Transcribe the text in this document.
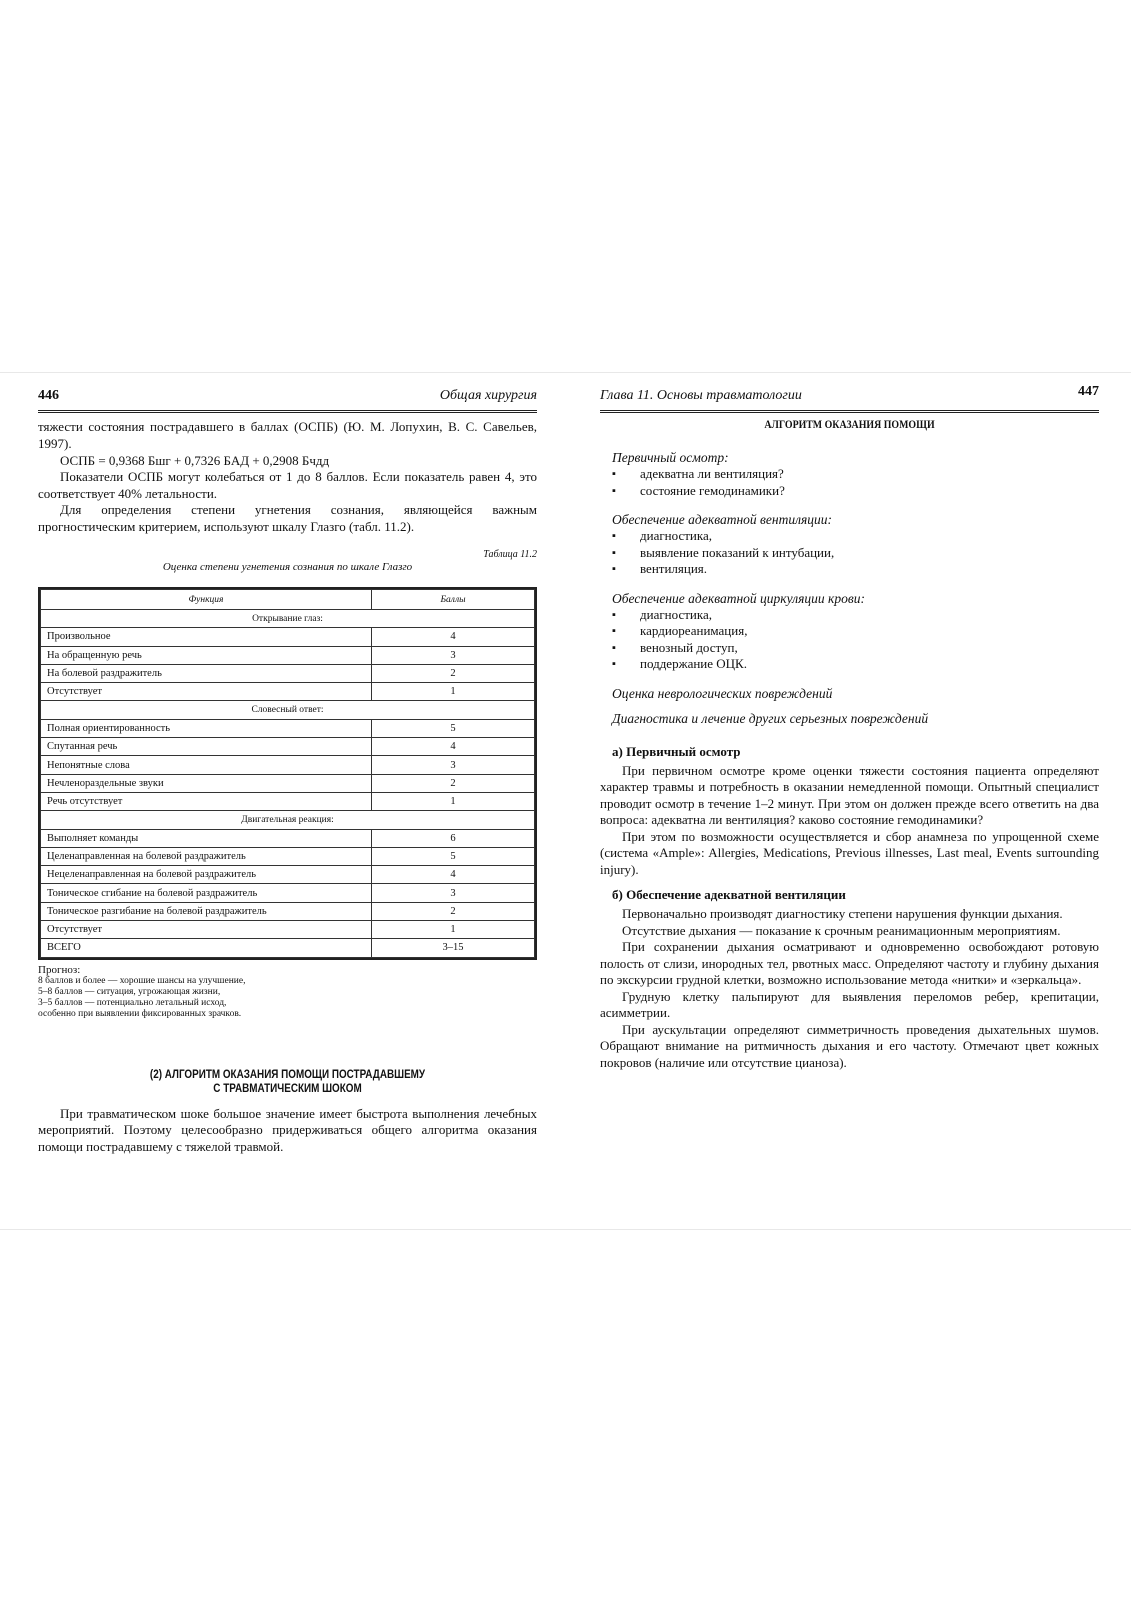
446	Общая хирургия

тяжести состояния пострадавшего в баллах (ОСПБ) (Ю. М. Лопухин, В. С. Савельев, 1997).

ОСПБ = 0,9368 Бшг + 0,7326 БАД + 0,2908 Бчдд

Показатели ОСПБ могут колебаться от 1 до 8 баллов. Если показатель равен 4, это соответствует 40% летальности.

Для определения степени угнетения сознания, являющейся важным прогностическим критерием, используют шкалу Глазго (табл. 11.2).

Таблица 11.2
Оценка степени угнетения сознания по шкале Глазго
Функция	Баллы
Открывание глаз:	
Произвольное	4
На обращенную речь	3
На болевой раздражитель	2
Отсутствует	1
Словесный ответ:	
Полная ориентированность	5
Спутанная речь	4
Непонятные слова	3
Нечленораздельные звуки	2
Речь отсутствует	1
Двигательная реакция:	
Выполняет команды	6
Целенаправленная на болевой раздражитель	5
Нецеленаправленная на болевой раздражитель	4
Тоническое сгибание на болевой раздражитель	3
Тоническое разгибание на болевой раздражитель	2
Отсутствует	1
ВСЕГО	3–15
Прогноз:
8 баллов и более — хорошие шансы на улучшение,
5–8 баллов — ситуация, угрожающая жизни,
3–5 баллов — потенциально летальный исход,
особенно при выявлении фиксированных зрачков.
(2) АЛГОРИТМ ОКАЗАНИЯ ПОМОЩИ ПОСТРАДАВШЕМУ
С ТРАВМАТИЧЕСКИМ ШОКОМ

При травматическом шоке большое значение имеет быстрота выполнения лечебных мероприятий. Поэтому целесообразно придерживаться общего алгоритма оказания помощи пострадавшему с тяжелой травмой.

Глава 11. Основы травматологии	447
АЛГОРИТМ ОКАЗАНИЯ ПОМОЩИ
Первичный осмотр:
▪ адекватна ли вентиляция?
▪ состояние гемодинамики?
Обеспечение адекватной вентиляции:
▪ диагностика,
▪ выявление показаний к интубации,
▪ вентиляция.
Обеспечение адекватной циркуляции крови:
▪ диагностика,
▪ кардиореанимация,
▪ венозный доступ,
▪ поддержание ОЦК.
Оценка неврологических повреждений
Диагностика и лечение других серьезных повреждений
а) Первичный осмотр

При первичном осмотре кроме оценки тяжести состояния пациента определяют характер травмы и потребность в оказании немедленной помощи. Опытный специалист проводит осмотр в течение 1–2 минут. При этом он должен прежде всего ответить на два вопроса: адекватна ли вентиляция? каково состояние гемодинамики?

При этом по возможности осуществляется и сбор анамнеза по упрощенной схеме (система «Ample»: Allergies, Medications, Previous illnesses, Last meal, Events surrounding injury).

б) Обеспечение адекватной вентиляции

Первоначально производят диагностику степени нарушения функции дыхания.

Отсутствие дыхания — показание к срочным реанимационным мероприятиям.

При сохранении дыхания осматривают и одновременно освобождают ротовую полость от слизи, инородных тел, рвотных масс. Определяют частоту и глубину дыхания по экскурсии грудной клетки, возможно использование метода «нитки» и «зеркальца».

Грудную клетку пальпируют для выявления переломов ребер, крепитации, асимметрии.

При аускультации определяют симметричность проведения дыхательных шумов. Обращают внимание на ритмичность дыхания и его частоту. Отмечают цвет кожных покровов (наличие или отсутствие цианоза).
